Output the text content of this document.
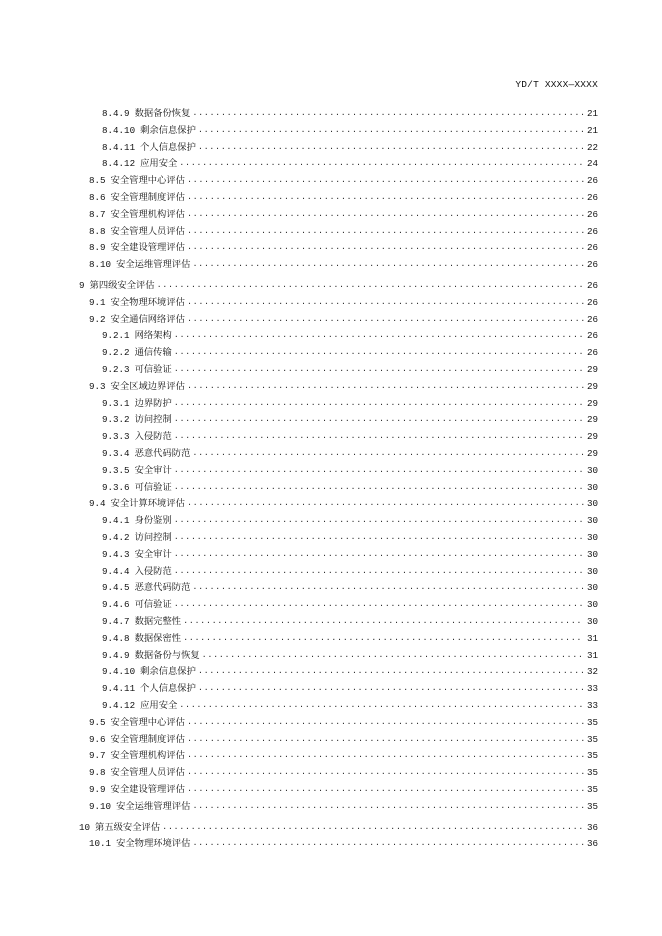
YD/T XXXX—XXXX
8.4.9 数据备份恢复 .....	21
8.4.10 剩余信息保护 .....	21
8.4.11 个人信息保护 .....	22
8.4.12 应用安全 .....	24
8.5 安全管理中心评估 .....	26
8.6 安全管理制度评估 .....	26
8.7 安全管理机构评估 .....	26
8.8 安全管理人员评估 .....	26
8.9 安全建设管理评估 .....	26
8.10 安全运维管理评估 .....	26
9 第四级安全评估 .....	26
9.1 安全物理环境评估 .....	26
9.2 安全通信网络评估 .....	26
9.2.1 网络架构 .....	26
9.2.2 通信传输 .....	26
9.2.3 可信验证 .....	29
9.3 安全区域边界评估 .....	29
9.3.1 边界防护 .....	29
9.3.2 访问控制 .....	29
9.3.3 入侵防范 .....	29
9.3.4 恶意代码防范 .....	29
9.3.5 安全审计 .....	30
9.3.6 可信验证 .....	30
9.4 安全计算环境评估 .....	30
9.4.1 身份鉴别 .....	30
9.4.2 访问控制 .....	30
9.4.3 安全审计 .....	30
9.4.4 入侵防范 .....	30
9.4.5 恶意代码防范 .....	30
9.4.6 可信验证 .....	30
9.4.7 数据完整性 .....	30
9.4.8 数据保密性 .....	31
9.4.9 数据备份与恢复 .....	31
9.4.10 剩余信息保护 .....	32
9.4.11 个人信息保护 .....	33
9.4.12 应用安全 .....	33
9.5 安全管理中心评估 .....	35
9.6 安全管理制度评估 .....	35
9.7 安全管理机构评估 .....	35
9.8 安全管理人员评估 .....	35
9.9 安全建设管理评估 .....	35
9.10 安全运维管理评估 .....	35
10 第五级安全评估 .....	36
10.1 安全物理环境评估 .....	36
